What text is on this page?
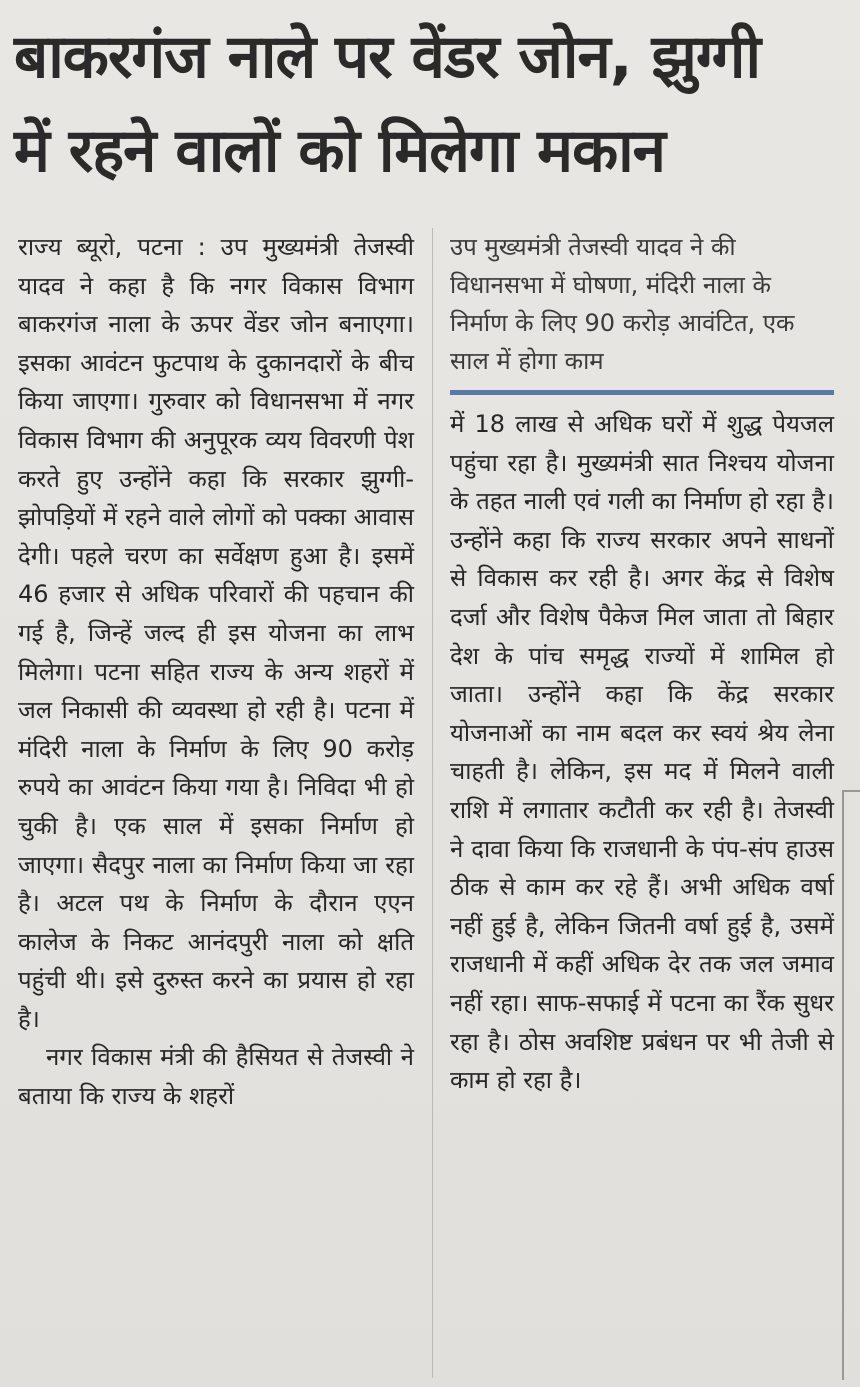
बाकरगंज नाले पर वेंडर जोन, झुग्गी
में रहने वालों को मिलेगा मकान

राज्य ब्यूरो, पटना : उप मुख्यमंत्री तेजस्वी यादव ने कहा है कि नगर विकास विभाग बाकरगंज नाला के ऊपर वेंडर जोन बनाएगा। इसका आवंटन फुटपाथ के दुकानदारों के बीच किया जाएगा। गुरुवार को विधानसभा में नगर विकास विभाग की अनुपूरक व्यय विवरणी पेश करते हुए उन्होंने कहा कि सरकार झुग्गी-झोपड़ियों में रहने वाले लोगों को पक्का आवास देगी। पहले चरण का सर्वेक्षण हुआ है। इसमें 46 हजार से अधिक परिवारों की पहचान की गई है, जिन्हें जल्द ही इस योजना का लाभ मिलेगा। पटना सहित राज्य के अन्य शहरों में जल निकासी की व्यवस्था हो रही है। पटना में मंदिरी नाला के निर्माण के लिए 90 करोड़ रुपये का आवंटन किया गया है। निविदा भी हो चुकी है। एक साल में इसका निर्माण हो जाएगा। सैदपुर नाला का निर्माण किया जा रहा है। अटल पथ के निर्माण के दौरान एएन कालेज के निकट आनंदपुरी नाला को क्षति पहुंची थी। इसे दुरुस्त करने का प्रयास हो रहा है।

नगर विकास मंत्री की हैसियत से तेजस्वी ने बताया कि राज्य के शहरों

उप मुख्यमंत्री तेजस्वी यादव ने की विधानसभा में घोषणा, मंदिरी नाला के निर्माण के लिए 90 करोड़ आवंटित, एक साल में होगा काम

में 18 लाख से अधिक घरों में शुद्ध पेयजल पहुंचा रहा है। मुख्यमंत्री सात निश्चय योजना के तहत नाली एवं गली का निर्माण हो रहा है। उन्होंने कहा कि राज्य सरकार अपने साधनों से विकास कर रही है। अगर केंद्र से विशेष दर्जा और विशेष पैकेज मिल जाता तो बिहार देश के पांच समृद्ध राज्यों में शामिल हो जाता। उन्होंने कहा कि केंद्र सरकार योजनाओं का नाम बदल कर स्वयं श्रेय लेना चाहती है। लेकिन, इस मद में मिलने वाली राशि में लगातार कटौती कर रही है। तेजस्वी ने दावा किया कि राजधानी के पंप-संप हाउस ठीक से काम कर रहे हैं। अभी अधिक वर्षा नहीं हुई है, लेकिन जितनी वर्षा हुई है, उसमें राजधानी में कहीं अधिक देर तक जल जमाव नहीं रहा। साफ-सफाई में पटना का रैंक सुधर रहा है। ठोस अवशिष्ट प्रबंधन पर भी तेजी से काम हो रहा है।
